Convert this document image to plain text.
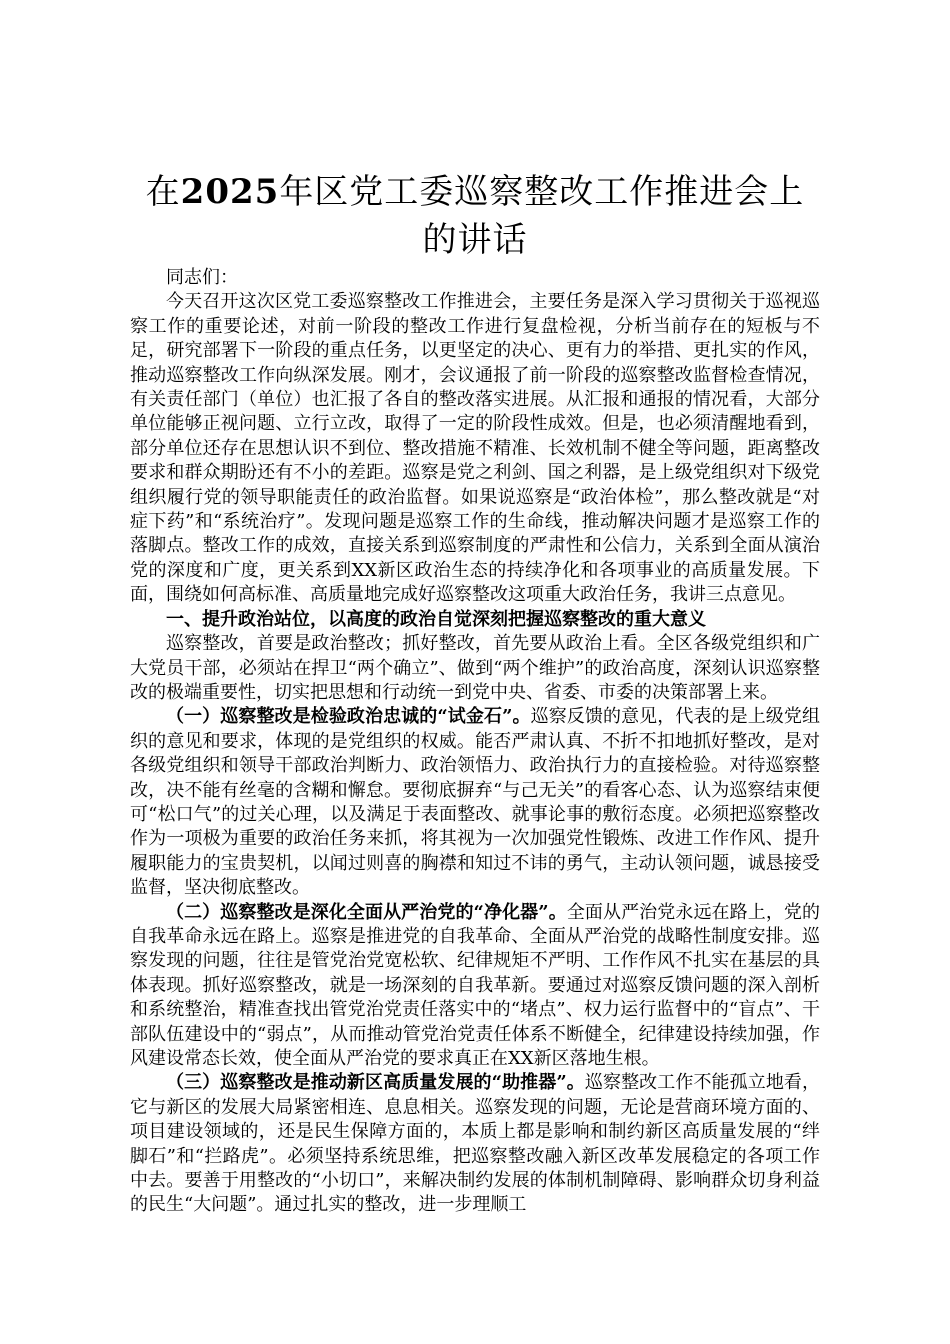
在2025年区党工委巡察整改工作推进会上的讲话

同志们：

今天召开这次区党工委巡察整改工作推进会，主要任务是深入学习贯彻关于巡视巡察工作的重要论述，对前一阶段的整改工作进行复盘检视，分析当前存在的短板与不足，研究部署下一阶段的重点任务，以更坚定的决心、更有力的举措、更扎实的作风，推动巡察整改工作向纵深发展。刚才，会议通报了前一阶段的巡察整改监督检查情况，有关责任部门（单位）也汇报了各自的整改落实进展。从汇报和通报的情况看，大部分单位能够正视问题、立行立改，取得了一定的阶段性成效。但是，也必须清醒地看到，部分单位还存在思想认识不到位、整改措施不精准、长效机制不健全等问题，距离整改要求和群众期盼还有不小的差距。巡察是党之利剑、国之利器，是上级党组织对下级党组织履行党的领导职能责任的政治监督。如果说巡察是“政治体检”，那么整改就是“对症下药”和“系统治疗”。发现问题是巡察工作的生命线，推动解决问题才是巡察工作的落脚点。整改工作的成效，直接关系到巡察制度的严肃性和公信力，关系到全面从演治党的深度和广度，更关系到XX新区政治生态的持续净化和各项事业的高质量发展。下面，围绕如何高标准、高质量地完成好巡察整改这项重大政治任务，我讲三点意见。

一、提升政治站位，以高度的政治自觉深刻把握巡察整改的重大意义

巡察整改，首要是政治整改；抓好整改，首先要从政治上看。全区各级党组织和广大党员干部，必须站在捍卫“两个确立”、做到“两个维护”的政治高度，深刻认识巡察整改的极端重要性，切实把思想和行动统一到党中央、省委、市委的决策部署上来。

（一）巡察整改是检验政治忠诚的“试金石”。巡察反馈的意见，代表的是上级党组织的意见和要求，体现的是党组织的权威。能否严肃认真、不折不扣地抓好整改，是对各级党组织和领导干部政治判断力、政治领悟力、政治执行力的直接检验。对待巡察整改，决不能有丝毫的含糊和懈怠。要彻底摒弃“与己无关”的看客心态、认为巡察结束便可“松口气”的过关心理，以及满足于表面整改、就事论事的敷衍态度。必须把巡察整改作为一项极为重要的政治任务来抓，将其视为一次加强党性锻炼、改进工作作风、提升履职能力的宝贵契机，以闻过则喜的胸襟和知过不讳的勇气，主动认领问题，诚恳接受监督，坚决彻底整改。

（二）巡察整改是深化全面从严治党的“净化器”。全面从严治党永远在路上，党的自我革命永远在路上。巡察是推进党的自我革命、全面从严治党的战略性制度安排。巡察发现的问题，往往是管党治党宽松软、纪律规矩不严明、工作作风不扎实在基层的具体表现。抓好巡察整改，就是一场深刻的自我革新。要通过对巡察反馈问题的深入剖析和系统整治，精准查找出管党治党责任落实中的“堵点”、权力运行监督中的“盲点”、干部队伍建设中的“弱点”，从而推动管党治党责任体系不断健全，纪律建设持续加强，作风建设常态长效，使全面从严治党的要求真正在XX新区落地生根。

（三）巡察整改是推动新区高质量发展的“助推器”。巡察整改工作不能孤立地看，它与新区的发展大局紧密相连、息息相关。巡察发现的问题，无论是营商环境方面的、项目建设领域的，还是民生保障方面的，本质上都是影响和制约新区高质量发展的“绊脚石”和“拦路虎”。必须坚持系统思维，把巡察整改融入新区改革发展稳定的各项工作中去。要善于用整改的“小切口”，来解决制约发展的体制机制障碍、影响群众切身利益的民生“大问题”。通过扎实的整改，进一步理顺工
